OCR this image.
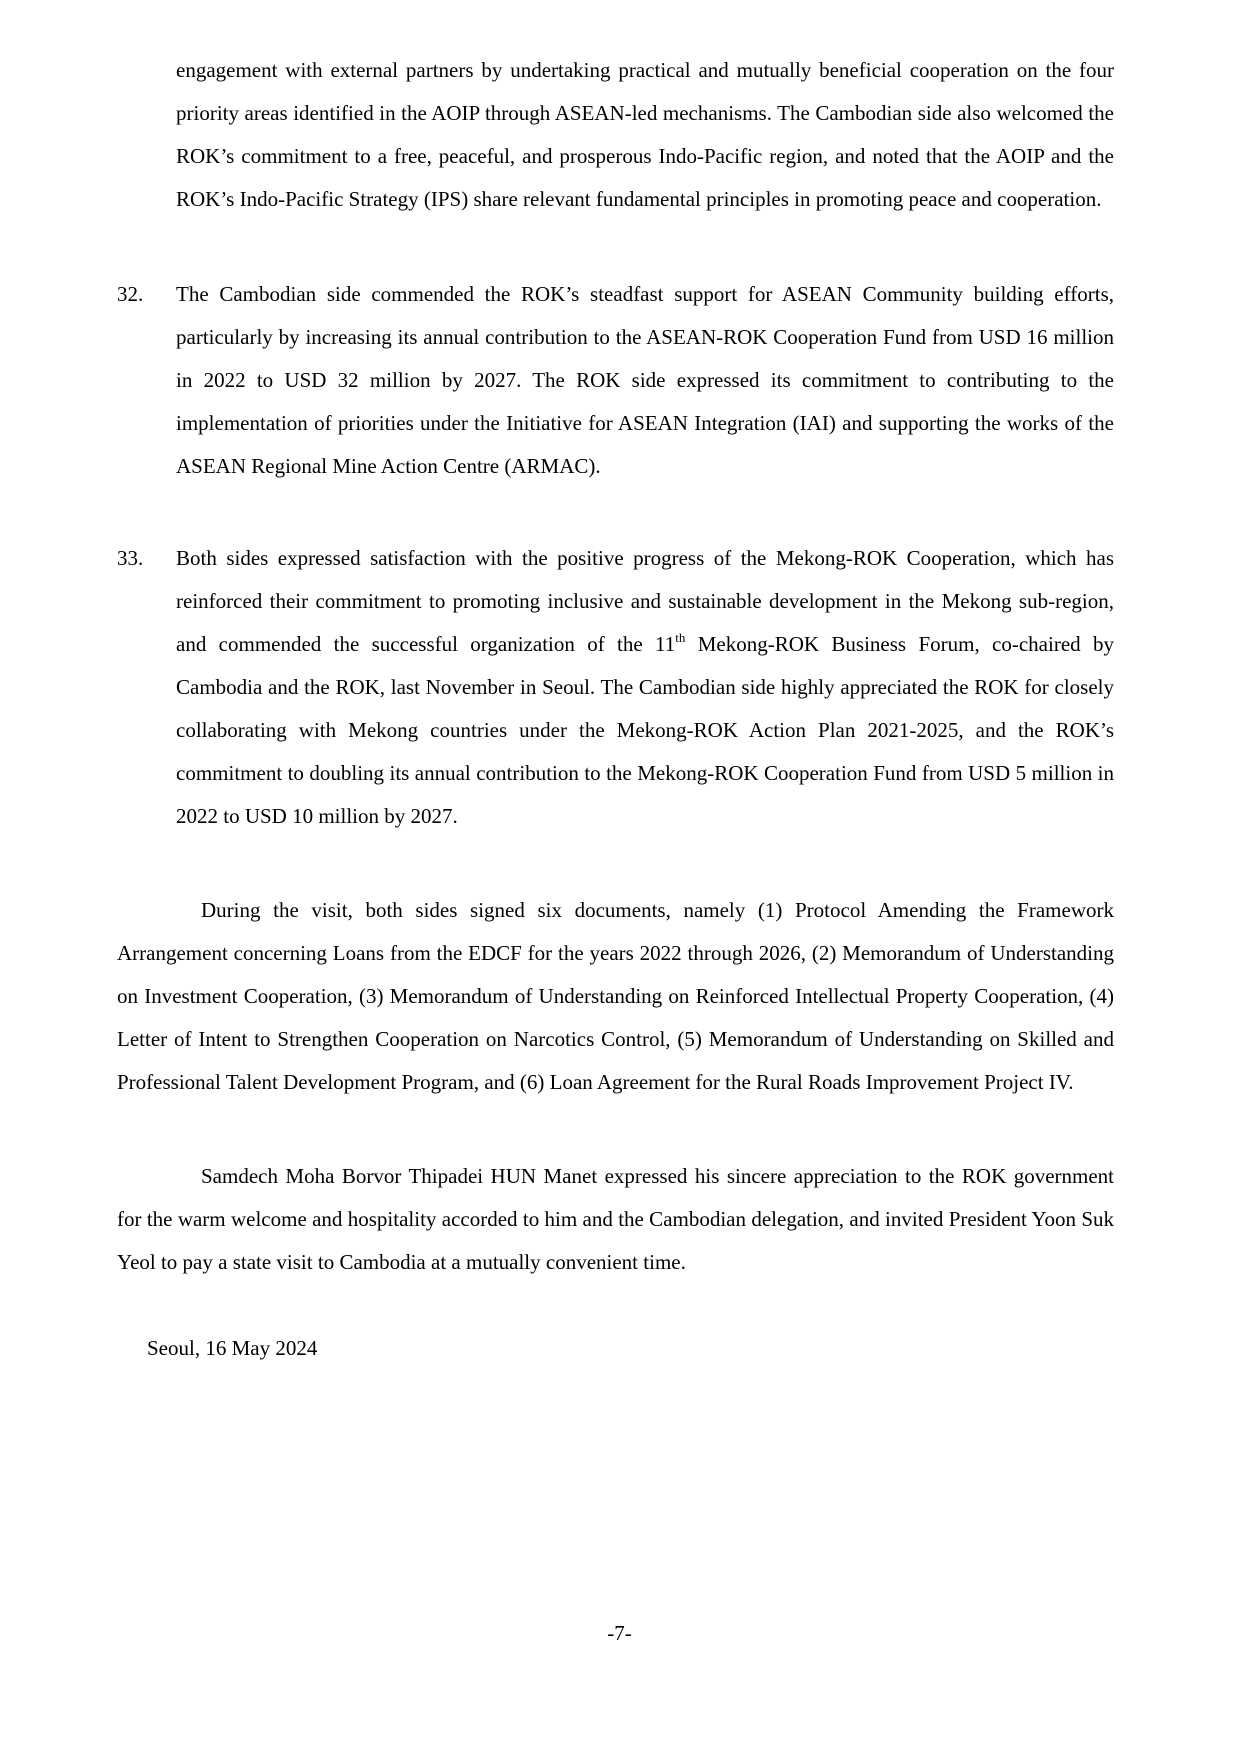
engagement with external partners by undertaking practical and mutually beneficial cooperation on the four priority areas identified in the AOIP through ASEAN-led mechanisms. The Cambodian side also welcomed the ROK’s commitment to a free, peaceful, and prosperous Indo-Pacific region, and noted that the AOIP and the ROK’s Indo-Pacific Strategy (IPS) share relevant fundamental principles in promoting peace and cooperation.

32.	The Cambodian side commended the ROK’s steadfast support for ASEAN Community building efforts, particularly by increasing its annual contribution to the ASEAN-ROK Cooperation Fund from USD 16 million in 2022 to USD 32 million by 2027. The ROK side expressed its commitment to contributing to the implementation of priorities under the Initiative for ASEAN Integration (IAI) and supporting the works of the ASEAN Regional Mine Action Centre (ARMAC).
33.	Both sides expressed satisfaction with the positive progress of the Mekong-ROK Cooperation, which has reinforced their commitment to promoting inclusive and sustainable development in the Mekong sub-region, and commended the successful organization of the 11th Mekong-ROK Business Forum, co-chaired by Cambodia and the ROK, last November in Seoul. The Cambodian side highly appreciated the ROK for closely collaborating with Mekong countries under the Mekong-ROK Action Plan 2021-2025, and the ROK’s commitment to doubling its annual contribution to the Mekong-ROK Cooperation Fund from USD 5 million in 2022 to USD 10 million by 2027.

During the visit, both sides signed six documents, namely (1) Protocol Amending the Framework Arrangement concerning Loans from the EDCF for the years 2022 through 2026, (2) Memorandum of Understanding on Investment Cooperation, (3) Memorandum of Understanding on Reinforced Intellectual Property Cooperation, (4) Letter of Intent to Strengthen Cooperation on Narcotics Control, (5) Memorandum of Understanding on Skilled and Professional Talent Development Program, and (6) Loan Agreement for the Rural Roads Improvement Project IV.

Samdech Moha Borvor Thipadei HUN Manet expressed his sincere appreciation to the ROK government for the warm welcome and hospitality accorded to him and the Cambodian delegation, and invited President Yoon Suk Yeol to pay a state visit to Cambodia at a mutually convenient time.

Seoul, 16 May 2024
-7-
